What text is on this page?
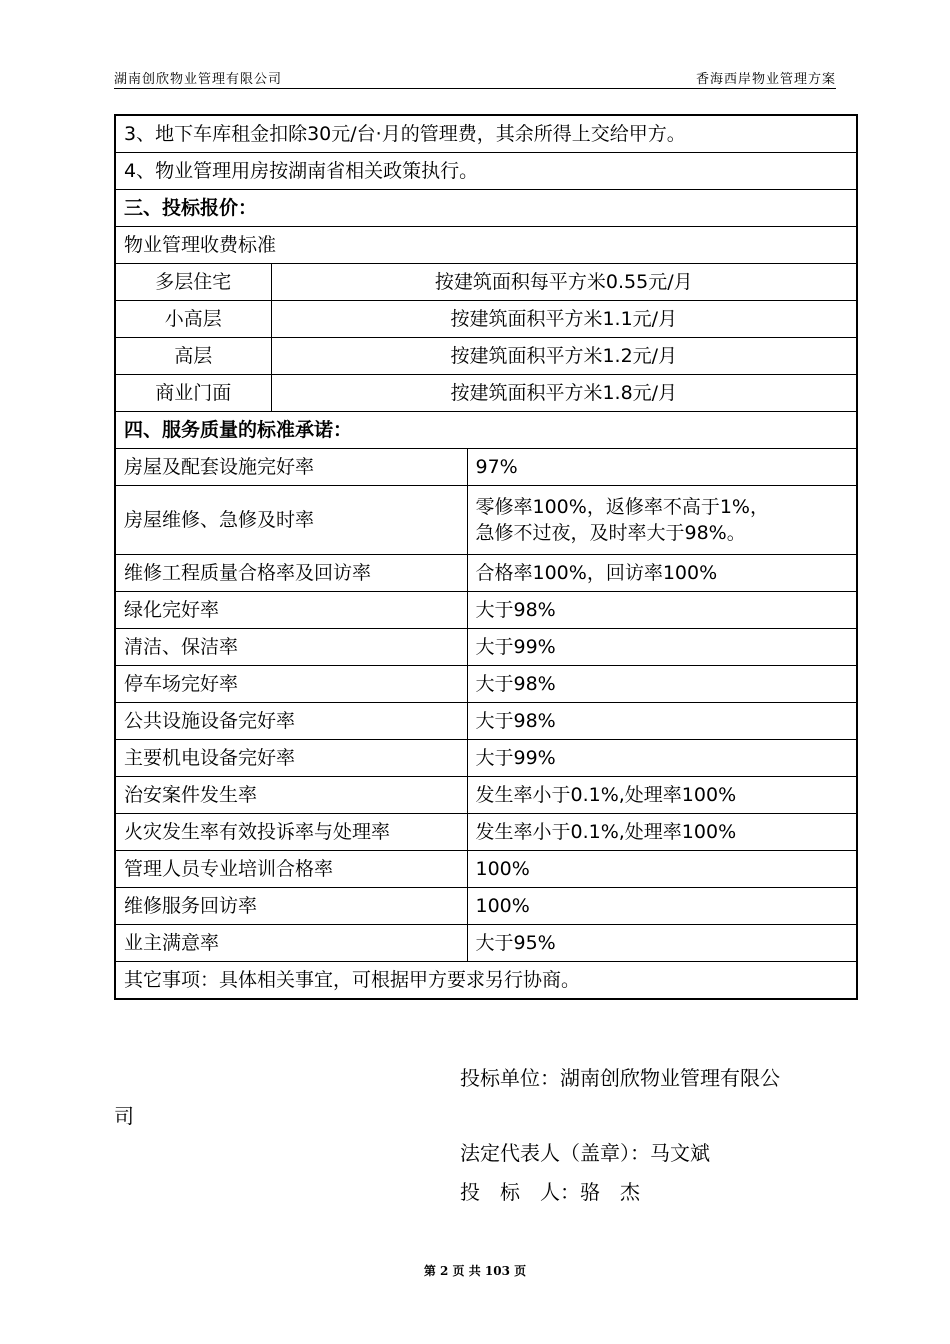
湖南创欣物业管理有限公司	香海西岸物业管理方案
3、地下车库租金扣除30元/台·月的管理费，其余所得上交给甲方。		
4、物业管理用房按湖南省相关政策执行。		
三、投标报价：		
物业管理收费标准		
多层住宅	按建筑面积每平方米0.55元/月	
小高层	按建筑面积平方米1.1元/月	
高层	按建筑面积平方米1.2元/月	
商业门面	按建筑面积平方米1.8元/月	
四、服务质量的标准承诺：		
房屋及配套设施完好率		97%
房屋维修、急修及时率		零修率100%，返修率不高于1%，
急修不过夜，及时率大于98%。

维修工程质量合格率及回访率		合格率100%，回访率100%
绿化完好率		大于98%
清洁、保洁率		大于99%
停车场完好率		大于98%
公共设施设备完好率		大于98%
主要机电设备完好率		大于99%
治安案件发生率		发生率小于0.1%,处理率100%
火灾发生率有效投诉率与处理率		发生率小于0.1%,处理率100%
管理人员专业培训合格率		100%
维修服务回访率		100%
业主满意率		大于95%
其它事项：具体相关事宜，可根据甲方要求另行协商。		
投标单位：湖南创欣物业管理有限公
司
法定代表人（盖章）：马文斌
投　标　人：骆　杰
第 2 页 共 103 页
